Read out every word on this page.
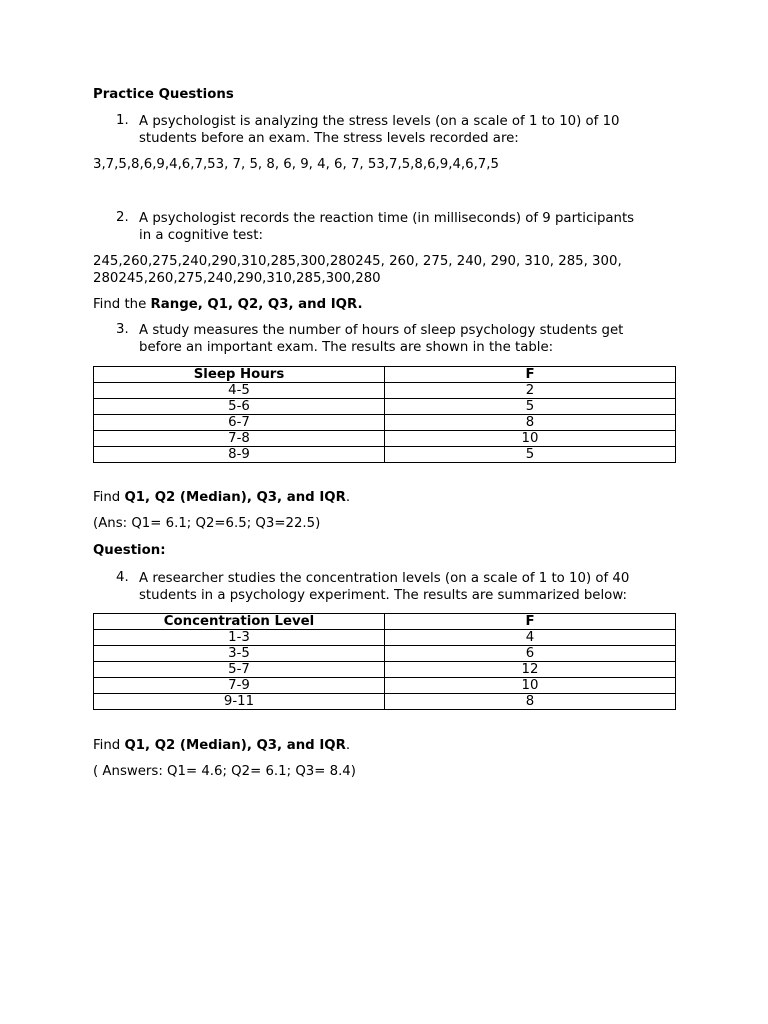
Practice Questions
1. A psychologist is analyzing the stress levels (on a scale of 1 to 10) of 10
students before an exam. The stress levels recorded are:
3,7,5,8,6,9,4,6,7,53, 7, 5, 8, 6, 9, 4, 6, 7, 53,7,5,8,6,9,4,6,7,5
2. A psychologist records the reaction time (in milliseconds) of 9 participants
in a cognitive test:
245,260,275,240,290,310,285,300,280245, 260, 275, 240, 290, 310, 285, 300,
280245,260,275,240,290,310,285,300,280
Find the Range, Q1, Q2, Q3, and IQR.
3. A study measures the number of hours of sleep psychology students get
before an important exam. The results are shown in the table:
Sleep Hours	F
4-5	2
5-6	5
6-7	8
7-8	10
8-9	5
Find Q1, Q2 (Median), Q3, and IQR.
(Ans: Q1= 6.1; Q2=6.5; Q3=22.5)
Question:
4. A researcher studies the concentration levels (on a scale of 1 to 10) of 40
students in a psychology experiment. The results are summarized below:
Concentration Level	F
1-3	4
3-5	6
5-7	12
7-9	10
9-11	8
Find Q1, Q2 (Median), Q3, and IQR.
( Answers: Q1= 4.6; Q2= 6.1; Q3= 8.4)
